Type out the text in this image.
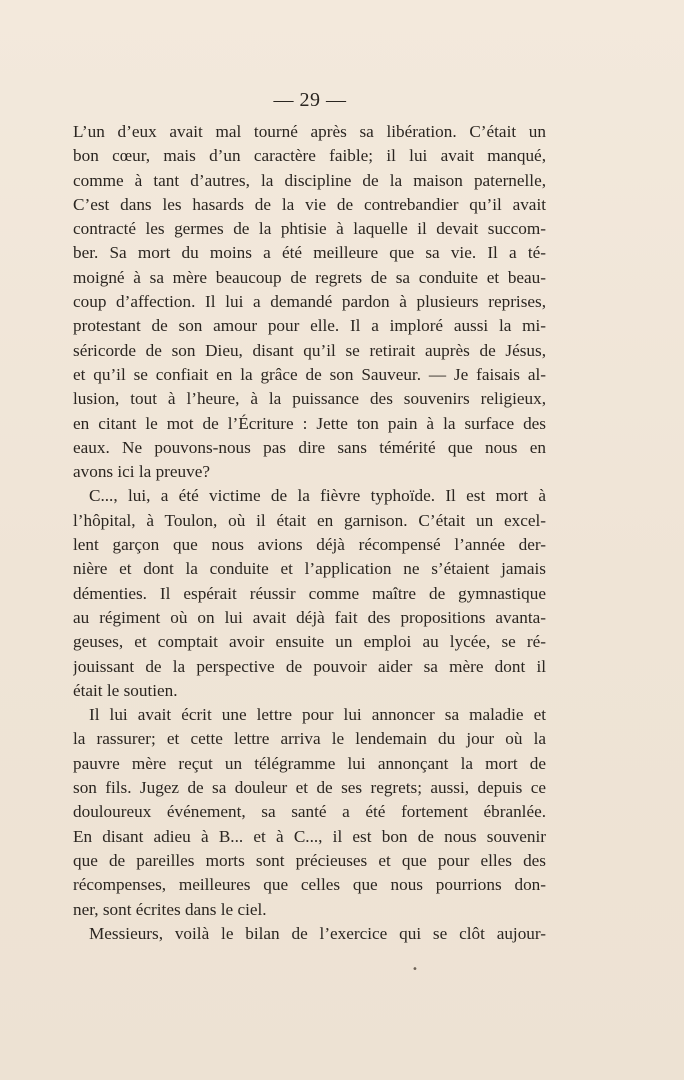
— 29 —
L’un d’eux avait mal tourné après sa libération. C’était un
bon cœur, mais d’un caractère faible; il lui avait manqué,
comme à tant d’autres, la discipline de la maison paternelle,
C’est dans les hasards de la vie de contrebandier qu’il avait
contracté les germes de la phtisie à laquelle il devait succom-
ber. Sa mort du moins a été meilleure que sa vie. Il a té-
moigné à sa mère beaucoup de regrets de sa conduite et beau-
coup d’affection. Il lui a demandé pardon à plusieurs reprises,
protestant de son amour pour elle. Il a imploré aussi la mi-
séricorde de son Dieu, disant qu’il se retirait auprès de Jésus,
et qu’il se confiait en la grâce de son Sauveur. — Je faisais al-
lusion, tout à l’heure, à la puissance des souvenirs religieux,
en citant le mot de l’Écriture : Jette ton pain à la surface des
eaux. Ne pouvons-nous pas dire sans témérité que nous en
avons ici la preuve?
C..., lui, a été victime de la fièvre typhoïde. Il est mort à
l’hôpital, à Toulon, où il était en garnison. C’était un excel-
lent garçon que nous avions déjà récompensé l’année der-
nière et dont la conduite et l’application ne s’étaient jamais
démenties. Il espérait réussir comme maître de gymnastique
au régiment où on lui avait déjà fait des propositions avanta-
geuses, et comptait avoir ensuite un emploi au lycée, se ré-
jouissant de la perspective de pouvoir aider sa mère dont il
était le soutien.
Il lui avait écrit une lettre pour lui annoncer sa maladie et
la rassurer; et cette lettre arriva le lendemain du jour où la
pauvre mère reçut un télégramme lui annonçant la mort de
son fils. Jugez de sa douleur et de ses regrets; aussi, depuis ce
douloureux événement, sa santé a été fortement ébranlée.
En disant adieu à B... et à C..., il est bon de nous souvenir
que de pareilles morts sont précieuses et que pour elles des
récompenses, meilleures que celles que nous pourrions don-
ner, sont écrites dans le ciel.
Messieurs, voilà le bilan de l’exercice qui se clôt aujour-
•
